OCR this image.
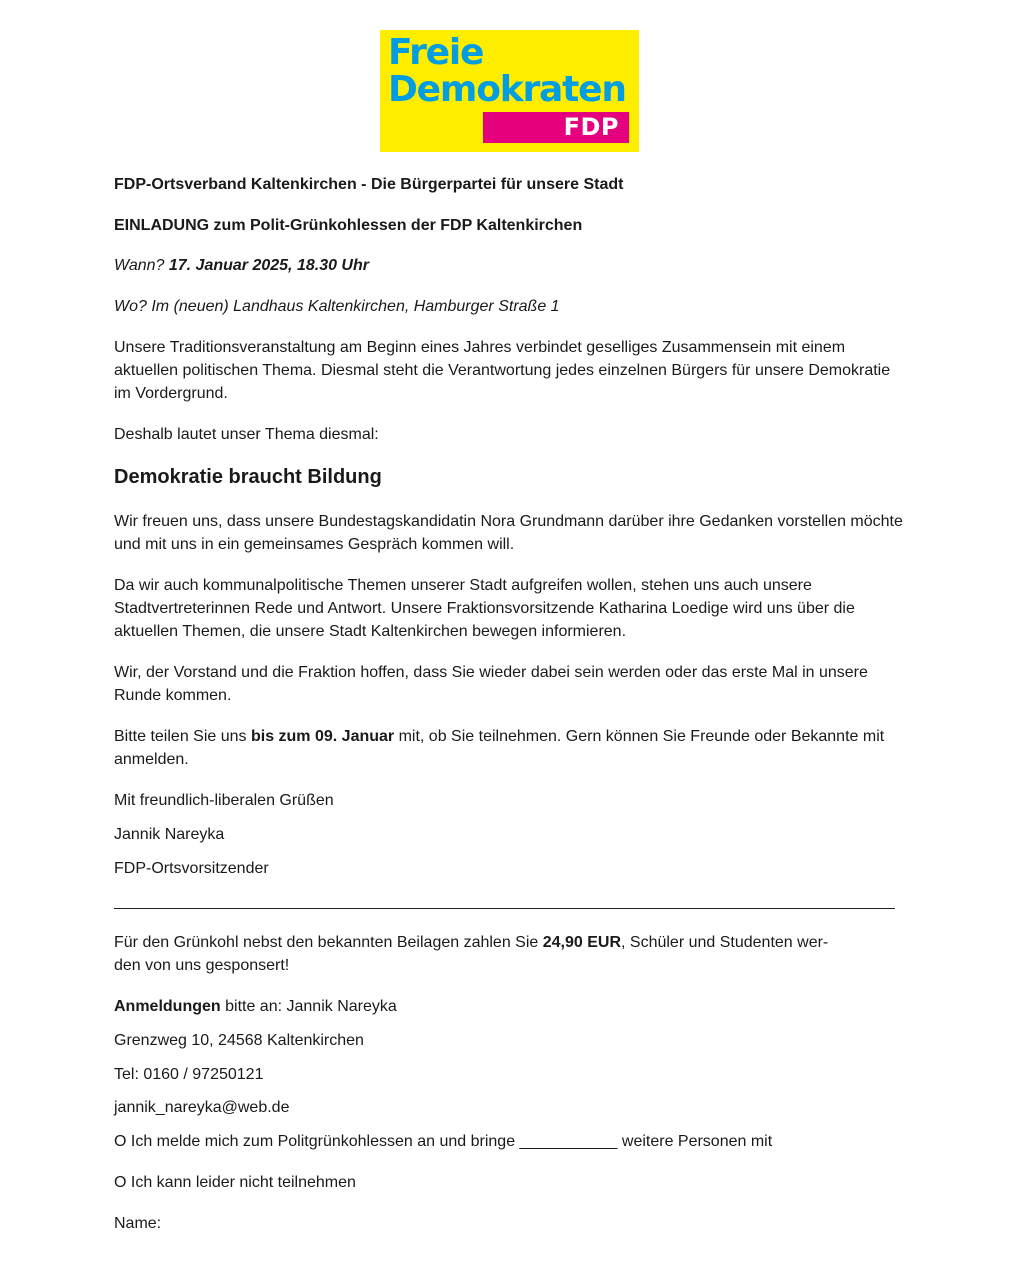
Freie
Demokraten
FDP

FDP-Ortsverband Kaltenkirchen - Die Bürgerpartei für unsere Stadt

EINLADUNG zum Polit-Grünkohlessen der FDP Kaltenkirchen

Wann? 17. Januar 2025, 18.30 Uhr

Wo? Im (neuen) Landhaus Kaltenkirchen, Hamburger Straße 1

Unsere Traditionsveranstaltung am Beginn eines Jahres verbindet geselliges Zusammensein mit einem aktuellen politischen Thema. Diesmal steht die Verantwortung jedes einzelnen Bürgers für unsere Demokratie im Vordergrund.

Deshalb lautet unser Thema diesmal:

Demokratie braucht Bildung

Wir freuen uns, dass unsere Bundestagskandidatin Nora Grundmann darüber ihre Gedanken vorstellen möchte und mit uns in ein gemeinsames Gespräch kommen will.

Da wir auch kommunalpolitische Themen unserer Stadt aufgreifen wollen, stehen uns auch unsere Stadtvertreterinnen Rede und Antwort. Unsere Fraktionsvorsitzende Katharina Loedige wird uns über die aktuellen Themen, die unsere Stadt Kaltenkirchen bewegen informieren.

Wir, der Vorstand und die Fraktion hoffen, dass Sie wieder dabei sein werden oder das erste Mal in unsere Runde kommen.

Bitte teilen Sie uns bis zum 09. Januar mit, ob Sie teilnehmen. Gern können Sie Freunde oder Bekannte mit anmelden.

Mit freundlich-liberalen Grüßen

Jannik Nareyka

FDP-Ortsvorsitzender

Für den Grünkohl nebst den bekannten Beilagen zahlen Sie 24,90 EUR, Schüler und Studenten wer-
den von uns gesponsert!

Anmeldungen bitte an: Jannik Nareyka

Grenzweg 10, 24568 Kaltenkirchen

Tel: 0160 / 97250121

jannik_nareyka@web.de

O Ich melde mich zum Politgrünkohlessen an und bringe ___________ weitere Personen mit

O Ich kann leider nicht teilnehmen

Name:
